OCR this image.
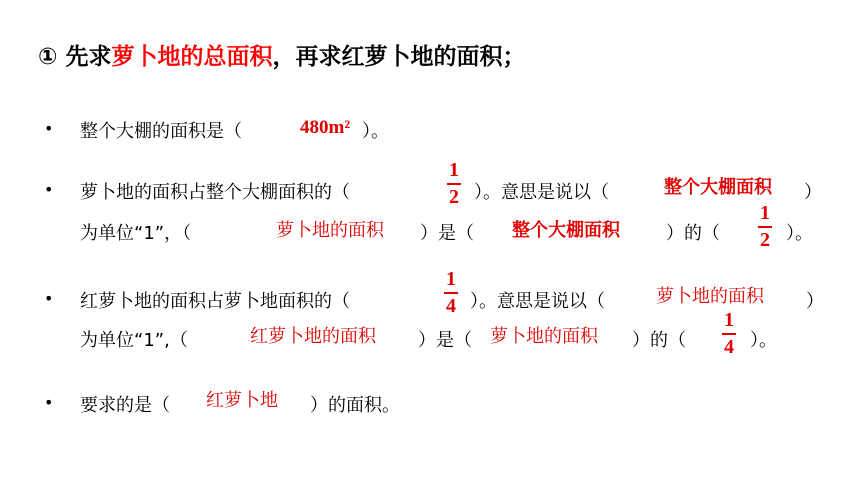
① 先求萝卜地的总面积，再求红萝卜地的面积；
• 整个大棚的面积是（	480m² ）。
• 萝卜地的面积占整个大棚面积的（
1
2 ）。意思是说以（	整个大棚面积 ）
为单位“1”，（	萝卜地的面积 ）是（ 整个大棚面积	）的（
1
2 ）。
• 红萝卜地的面积占萝卜地面积的（
1
4 ）。意思是说以（	萝卜地的面积 ）
为单位“1”,（	红萝卜地的面积 ）是（ 萝卜地的面积 ）的（
1
4 ）。
• 要求的是（ 红萝卜地 ）的面积。
